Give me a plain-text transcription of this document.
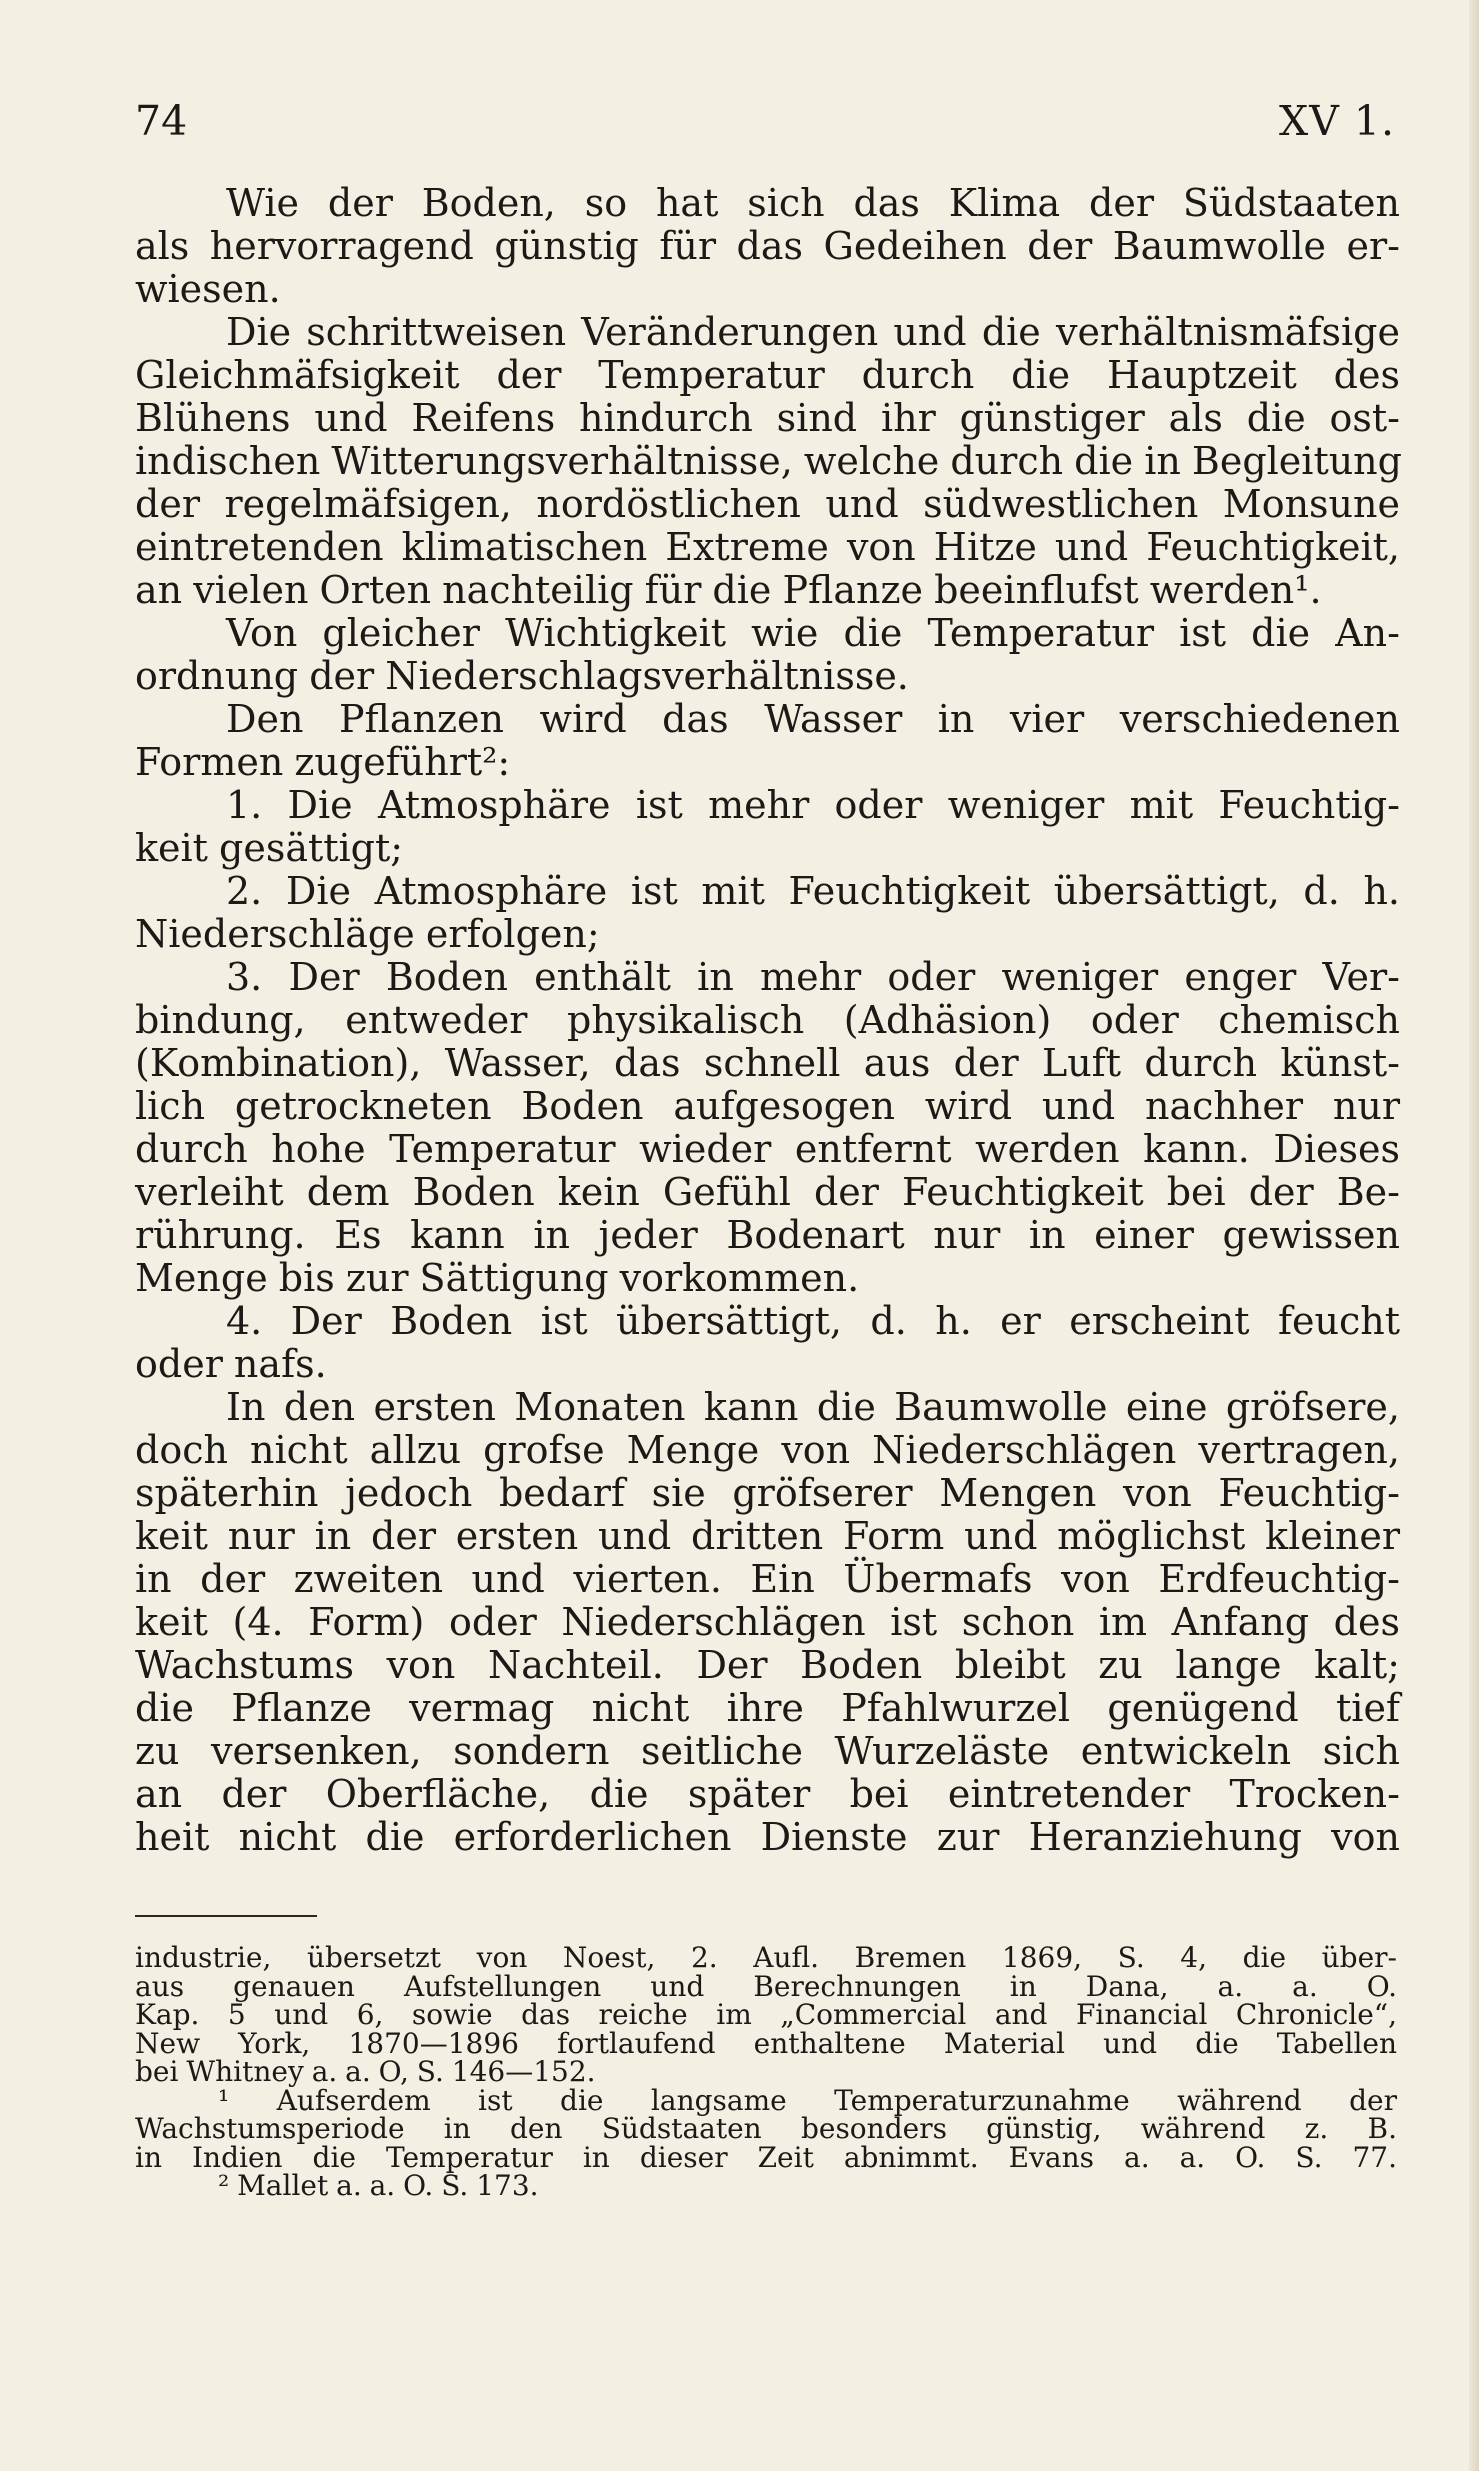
74	XV 1.
Wie der Boden, so hat sich das Klima der Südstaaten
als hervorragend günstig für das Gedeihen der Baumwolle er-
wiesen.
Die schrittweisen Veränderungen und die verhältnismäfsige
Gleichmäfsigkeit der Temperatur durch die Hauptzeit des
Blühens und Reifens hindurch sind ihr günstiger als die ost-
indischen Witterungsverhältnisse, welche durch die in Begleitung
der regelmäfsigen, nordöstlichen und südwestlichen Monsune
eintretenden klimatischen Extreme von Hitze und Feuchtigkeit,
an vielen Orten nachteilig für die Pflanze beeinflufst werden¹.
Von gleicher Wichtigkeit wie die Temperatur ist die An-
ordnung der Niederschlagsverhältnisse.
Den Pflanzen wird das Wasser in vier verschiedenen
Formen zugeführt²:
1. Die Atmosphäre ist mehr oder weniger mit Feuchtig-
keit gesättigt;
2. Die Atmosphäre ist mit Feuchtigkeit übersättigt, d. h.
Niederschläge erfolgen;
3. Der Boden enthält in mehr oder weniger enger Ver-
bindung, entweder physikalisch (Adhäsion) oder chemisch
(Kombination), Wasser, das schnell aus der Luft durch künst-
lich getrockneten Boden aufgesogen wird und nachher nur
durch hohe Temperatur wieder entfernt werden kann. Dieses
verleiht dem Boden kein Gefühl der Feuchtigkeit bei der Be-
rührung. Es kann in jeder Bodenart nur in einer gewissen
Menge bis zur Sättigung vorkommen.
4. Der Boden ist übersättigt, d. h. er erscheint feucht
oder nafs.
In den ersten Monaten kann die Baumwolle eine gröfsere,
doch nicht allzu grofse Menge von Niederschlägen vertragen,
späterhin jedoch bedarf sie gröfserer Mengen von Feuchtig-
keit nur in der ersten und dritten Form und möglichst kleiner
in der zweiten und vierten. Ein Übermafs von Erdfeuchtig-
keit (4. Form) oder Niederschlägen ist schon im Anfang des
Wachstums von Nachteil. Der Boden bleibt zu lange kalt;
die Pflanze vermag nicht ihre Pfahlwurzel genügend tief
zu versenken, sondern seitliche Wurzeläste entwickeln sich
an der Oberfläche, die später bei eintretender Trocken-
heit nicht die erforderlichen Dienste zur Heranziehung von
industrie, übersetzt von Noest, 2. Aufl. Bremen 1869, S. 4, die über-
aus genauen Aufstellungen und Berechnungen in Dana, a. a. O.
Kap. 5 und 6, sowie das reiche im „Commercial and Financial Chronicle“,
New York, 1870—1896 fortlaufend enthaltene Material und die Tabellen
bei Whitney a. a. O, S. 146—152.
¹ Aufserdem ist die langsame Temperaturzunahme während der
Wachstumsperiode in den Südstaaten besonders günstig, während z. B.
in Indien die Temperatur in dieser Zeit abnimmt. Evans a. a. O. S. 77.
² Mallet a. a. O. S. 173.
